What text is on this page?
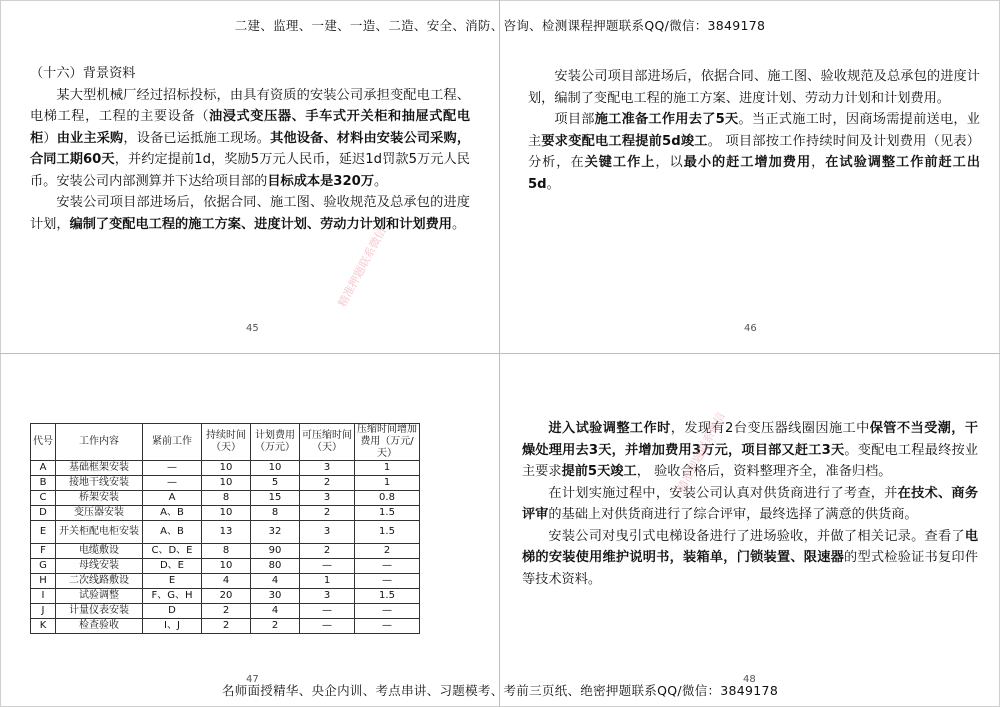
二建、监理、一建、一造、二造、安全、消防、咨询、检测课程押题联系QQ/微信：3849178

（十六）背景资料

某大型机械厂经过招标投标，由具有资质的安装公司承担变配电工程、电梯工程，工程的主要设备（油浸式变压器、手车式开关柜和抽屉式配电柜）由业主采购，设备已运抵施工现场。其他设备、材料由安装公司采购，合同工期60天，并约定提前1d，奖励5万元人民币，延迟1d罚款5万元人民币。安装公司内部测算并下达给项目部的目标成本是320万。

安装公司项目部进场后，依据合同、施工图、验收规范及总承包的进度计划，编制了变配电工程的施工方案、进度计划、劳动力计划和计划费用。

45

安装公司项目部进场后，依据合同、施工图、验收规范及总承包的进度计划，编制了变配电工程的施工方案、进度计划、劳动力计划和计划费用。

项目部施工准备工作用去了5天。当正式施工时，因商场需提前送电，业主要求变配电工程提前5d竣工。 项目部按工作持续时间及计划费用（见表）分析，在关键工作上，以最小的赶工增加费用，在试验调整工作前赶工出5d。

46
代号	工作内容	紧前工作	持续时间（天）	计划费用（万元）	可压缩时间（天）	压缩时间增加费用（万元/天）
A	基础框架安装	—	10	10	3	1
B	接地干线安装	—	10	5	2	1
C	桥架安装	A	8	15	3	0.8
D	变压器安装	A、B	10	8	2	1.5
E	开关柜配电柜安装	A、B	13	32	3	1.5
F	电缆敷设	C、D、E	8	90	2	2
G	母线安装	D、E	10	80	—	—
H	二次线路敷设	E	4	4	1	—
I	试验调整	F、G、H	20	30	3	1.5
J	计量仪表安装	D	2	4	—	—
K	检查验收	I、J	2	2	—	—
47

进入试验调整工作时，发现有2台变压器线圈因施工中保管不当受潮，干燥处理用去3天，并增加费用3万元，项目部又赶工3天。变配电工程最终按业主要求提前5天竣工， 验收合格后，资料整理齐全，准备归档。

在计划实施过程中，安装公司认真对供货商进行了考查，并在技术、商务评审的基础上对供货商进行了综合评审，最终选择了满意的供货商。

安装公司对曳引式电梯设备进行了进场验收，并做了相关记录。查看了电梯的安装使用维护说明书，装箱单，门锁装置、限速器的型式检验证书复印件等技术资料。

48
精准押题联系微信
精准押题联系微信
名师面授精华、央企内训、考点串讲、习题模考、考前三页纸、绝密押题联系QQ/微信：3849178
